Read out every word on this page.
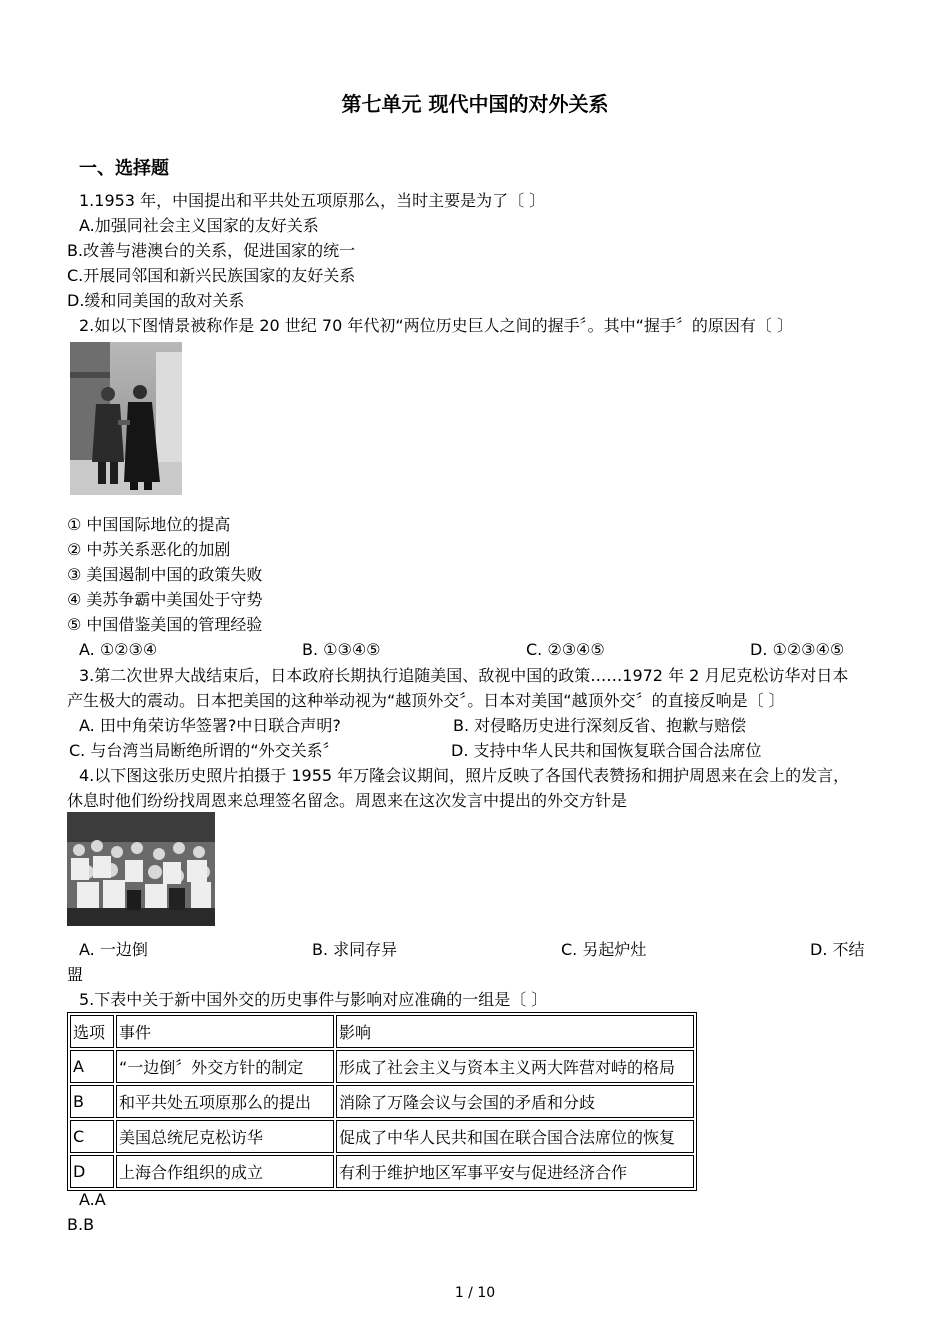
第七单元 现代中国的对外关系
一、选择题
1.1953 年，中国提出和平共处五项原那么，当时主要是为了〔 〕
A.加强同社会主义国家的友好关系
B.改善与港澳台的关系，促进国家的统一
C.开展同邻国和新兴民族国家的友好关系
D.缓和同美国的敌对关系
2.如以下图情景被称作是 20 世纪 70 年代初“两位历史巨人之间的握手〞。其中“握手〞的原因有〔 〕
① 中国国际地位的提高
② 中苏关系恶化的加剧
③ 美国遏制中国的政策失败
④ 美苏争霸中美国处于守势
⑤ 中国借鉴美国的管理经验
A. ①②③④	B. ①③④⑤	C. ②③④⑤	D. ①②③④⑤
3.第二次世界大战结束后，日本政府长期执行追随美国、敌视中国的政策……1972 年 2 月尼克松访华对日本
产生极大的震动。日本把美国的这种举动视为“越顶外交〞。日本对美国“越顶外交〞的直接反响是〔 〕
A. 田中角荣访华签署?中日联合声明?	B. 对侵略历史进行深刻反省、抱歉与赔偿
C. 与台湾当局断绝所谓的“外交关系〞	D. 支持中华人民共和国恢复联合国合法席位
4.以下图这张历史照片拍摄于 1955 年万隆会议期间，照片反映了各国代表赞扬和拥护周恩来在会上的发言，
休息时他们纷纷找周恩来总理签名留念。周恩来在这次发言中提出的外交方针是
A. 一边倒	B. 求同存异	C. 另起炉灶	D. 不结
盟
5.下表中关于新中国外交的历史事件与影响对应准确的一组是〔 〕
选项	事件	影响
A	“一边倒〞外交方针的制定	形成了社会主义与资本主义两大阵营对峙的格局
B	和平共处五项原那么的提出	消除了万隆会议与会国的矛盾和分歧
C	美国总统尼克松访华	促成了中华人民共和国在联合国合法席位的恢复
D	上海合作组织的成立	有利于维护地区军事平安与促进经济合作
A.A
B.B
1 / 10
